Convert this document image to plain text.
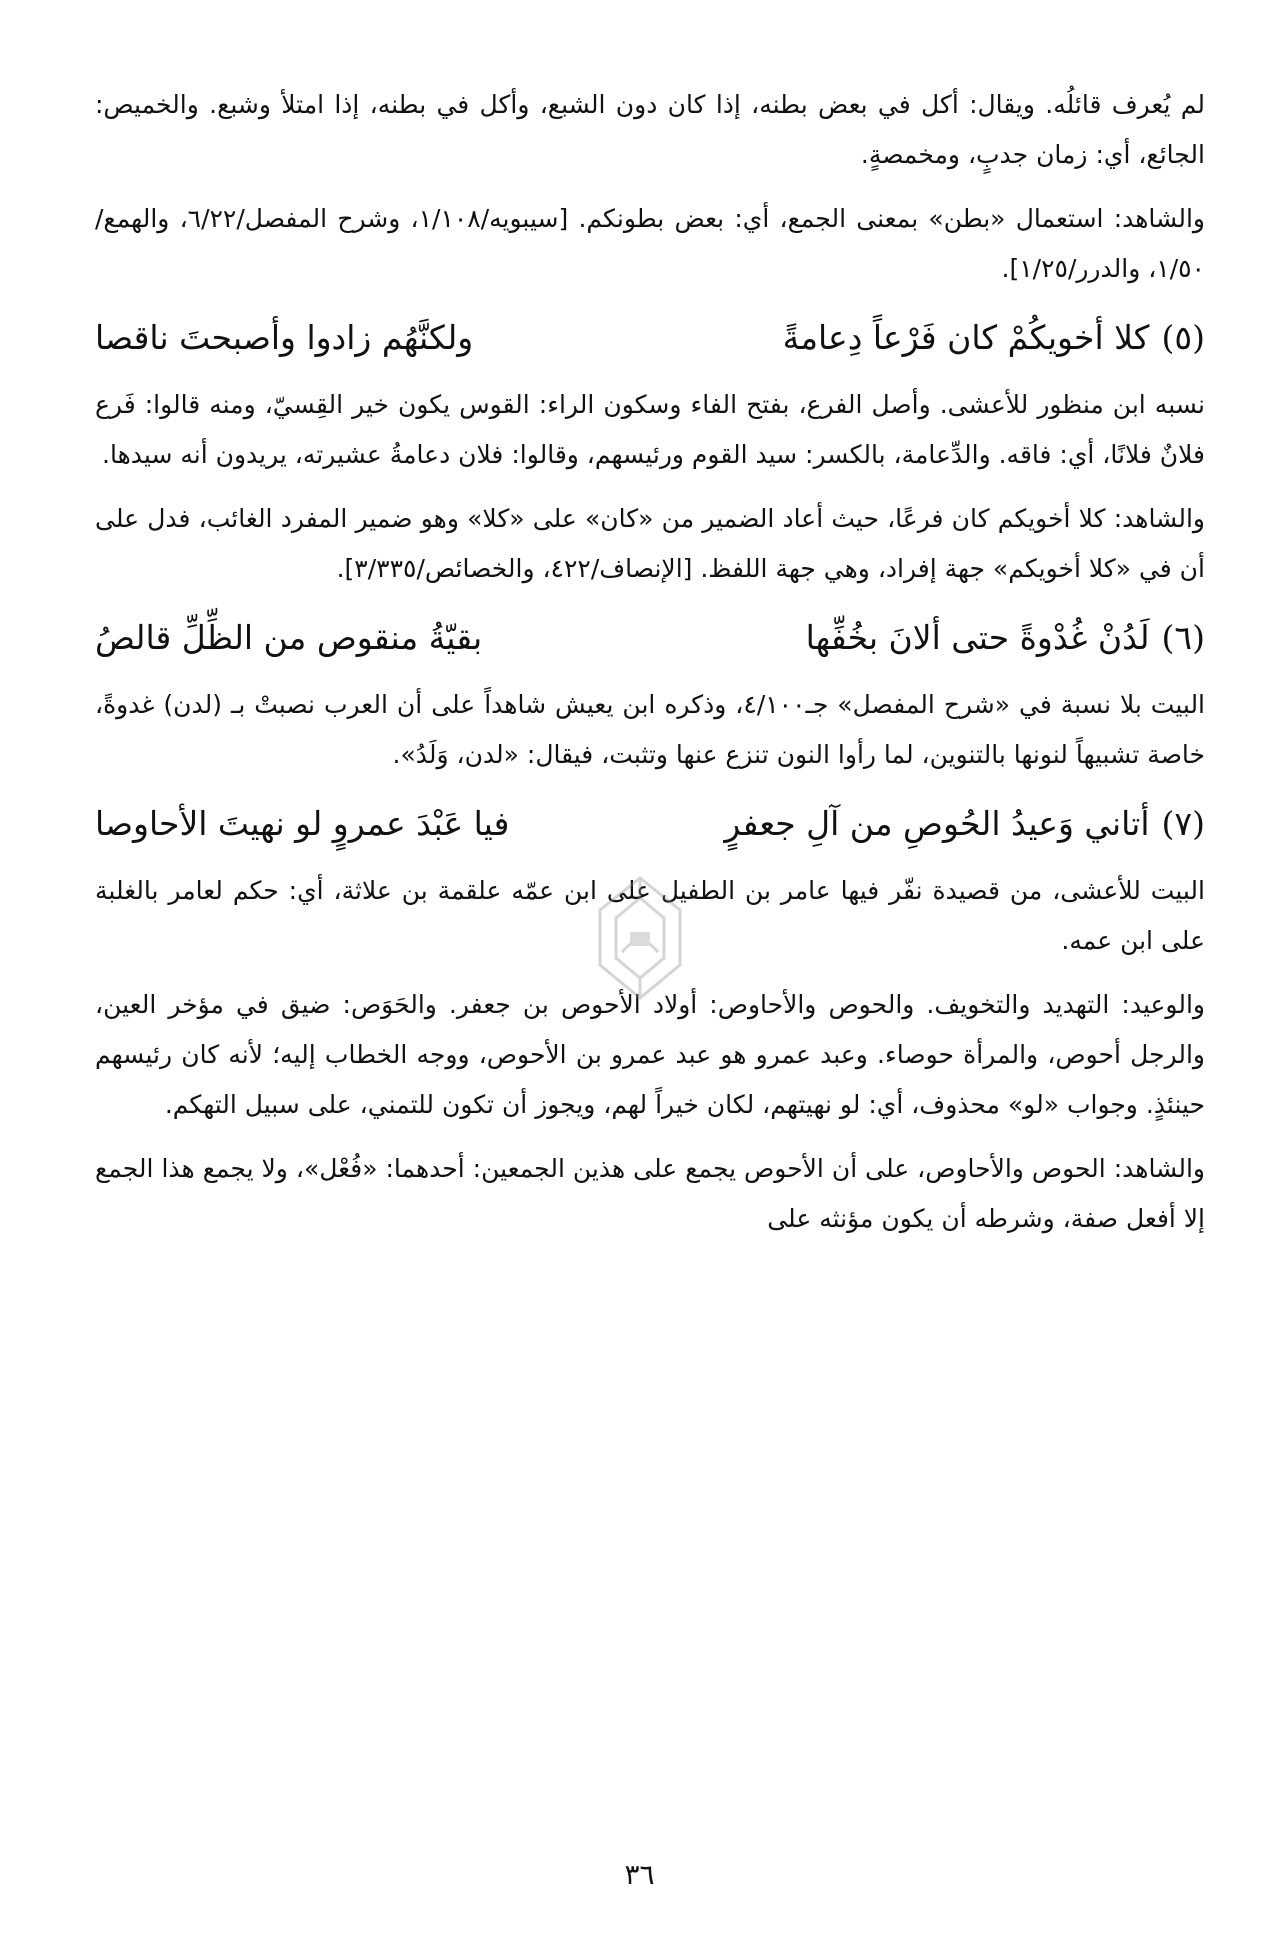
لم يُعرف قائلُه. ويقال: أكل في بعض بطنه، إذا كان دون الشبع، وأكل في بطنه، إذا امتلأ وشبع. والخميص: الجائع، أي: زمان جدبٍ، ومخمصةٍ.

والشاهد: استعمال «بطن» بمعنى الجمع، أي: بعض بطونكم. [سيبويه/١/١٠٨، وشرح المفصل/٦/٢٢، والهمع/١/٥٠، والدرر/١/٢٥].

(٥)
كلا أخويكُمْ كان فَرْعاً دِعامةً
ولكنَّهُم زادوا وأصبحتَ ناقصا

نسبه ابن منظور للأعشى. وأصل الفرع، بفتح الفاء وسكون الراء: القوس يكون خير القِسيّ، ومنه قالوا: فَرع فلانٌ فلانًا، أي: فاقه. والدِّعامة، بالكسر: سيد القوم ورئيسهم، وقالوا: فلان دعامةُ عشيرته، يريدون أنه سيدها.

والشاهد: كلا أخويكم كان فرعًا، حيث أعاد الضمير من «كان» على «كلا» وهو ضمير المفرد الغائب، فدل على أن في «كلا أخويكم» جهة إفراد، وهي جهة اللفظ. [الإنصاف/٤٢٢، والخصائص/٣/٣٣٥].

(٦)
لَدُنْ غُدْوةً حتى ألانَ بخُفِّها
بقيّةُ منقوص من الظِّلِّ قالصُ

البيت بلا نسبة في «شرح المفصل» جـ٤/١٠٠، وذكره ابن يعيش شاهداً على أن العرب نصبتْ بـ (لدن) غدوةً، خاصة تشبيهاً لنونها بالتنوين، لما رأوا النون تنزع عنها وتثبت، فيقال: «لدن، وَلَدُ».

(٧)
أتاني وَعيدُ الحُوصِ من آلِ جعفرٍ
فيا عَبْدَ عمروٍ لو نهيتَ الأحاوصا

البيت للأعشى، من قصيدة نفّر فيها عامر بن الطفيل على ابن عمّه علقمة بن علاثة، أي: حكم لعامر بالغلبة على ابن عمه.

والوعيد: التهديد والتخويف. والحوص والأحاوص: أولاد الأحوص بن جعفر. والحَوَص: ضيق في مؤخر العين، والرجل أحوص، والمرأة حوصاء. وعبد عمرو هو عبد عمرو بن الأحوص، ووجه الخطاب إليه؛ لأنه كان رئيسهم حينئذٍ. وجواب «لو» محذوف، أي: لو نهيتهم، لكان خيراً لهم، ويجوز أن تكون للتمني، على سبيل التهكم.

والشاهد: الحوص والأحاوص، على أن الأحوص يجمع على هذين الجمعين: أحدهما: «فُعْل»، ولا يجمع هذا الجمع إلا أفعل صفة، وشرطه أن يكون مؤنثه على

٣٦
